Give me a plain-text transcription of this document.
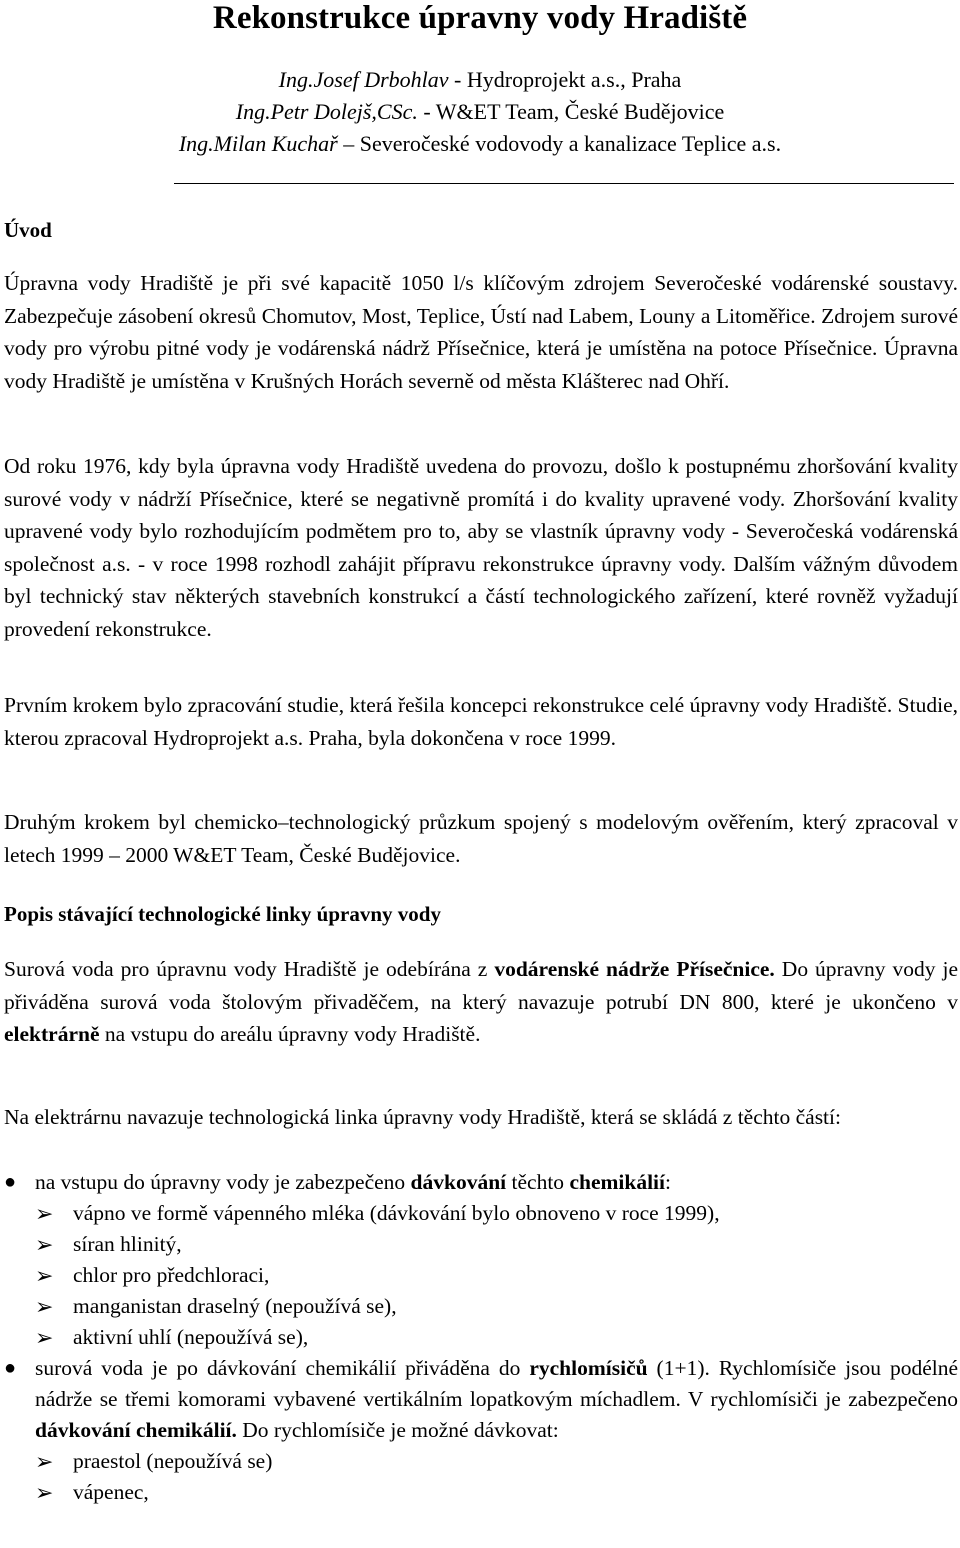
Rekonstrukce úpravny vody Hradiště
Ing.Josef Drbohlav - Hydroprojekt a.s., Praha
Ing.Petr Dolejš,CSc. - W&ET Team, České Budějovice
Ing.Milan Kuchař – Severočeské vodovody a kanalizace Teplice a.s.
Úvod

Úpravna vody Hradiště je při své kapacitě 1050 l/s klíčovým zdrojem Severočeské vodárenské soustavy. Zabezpečuje zásobení okresů Chomutov, Most, Teplice, Ústí nad Labem, Louny a Litoměřice. Zdrojem surové vody pro výrobu pitné vody je vodárenská nádrž Přísečnice, která je umístěna na potoce Přísečnice. Úpravna vody Hradiště je umístěna v Krušných Horách severně od města Klášterec nad Ohří.

Od roku 1976, kdy byla úpravna vody Hradiště uvedena do provozu, došlo k postupnému zhoršování kvality surové vody v nádrží Přísečnice, které se negativně promítá i do kvality upravené vody. Zhoršování kvality upravené vody bylo rozhodujícím podmětem pro to, aby se vlastník úpravny vody - Severočeská vodárenská společnost a.s. - v roce 1998 rozhodl zahájit přípravu rekonstrukce úpravny vody. Dalším vážným důvodem byl technický stav některých stavebních konstrukcí a částí technologického zařízení, které rovněž vyžadují provedení rekonstrukce.

Prvním krokem bylo zpracování studie, která řešila koncepci rekonstrukce celé úpravny vody Hradiště. Studie, kterou zpracoval Hydroprojekt a.s. Praha, byla dokončena v roce 1999.

Druhým krokem byl chemicko–technologický průzkum spojený s modelovým ověřením, který zpracoval v letech 1999 – 2000 W&ET Team, České Budějovice.

Popis stávající technologické linky úpravny vody

Surová voda pro úpravnu vody Hradiště je odebírána z vodárenské nádrže Přísečnice. Do úpravny vody je přiváděna surová voda štolovým přivaděčem, na který navazuje potrubí DN 800, které je ukončeno v elektrárně na vstupu do areálu úpravny vody Hradiště.

Na elektrárnu navazuje technologická linka úpravny vody Hradiště, která se skládá z těchto částí:

● na vstupu do úpravny vody je zabezpečeno dávkování těchto chemikálií:
➢ vápno ve formě vápenného mléka (dávkování bylo obnoveno v roce 1999),
➢ síran hlinitý,
➢ chlor pro předchloraci,
➢ manganistan draselný (nepoužívá se),
➢ aktivní uhlí (nepoužívá se),
● surová voda je po dávkování chemikálií přiváděna do rychlomísičů (1+1). Rychlomísiče jsou podélné nádrže se třemi komorami vybavené vertikálním lopatkovým míchadlem. V rychlomísiči je zabezpečeno dávkování chemikálií. Do rychlomísiče je možné dávkovat:
➢ praestol (nepoužívá se)
➢ vápenec,
